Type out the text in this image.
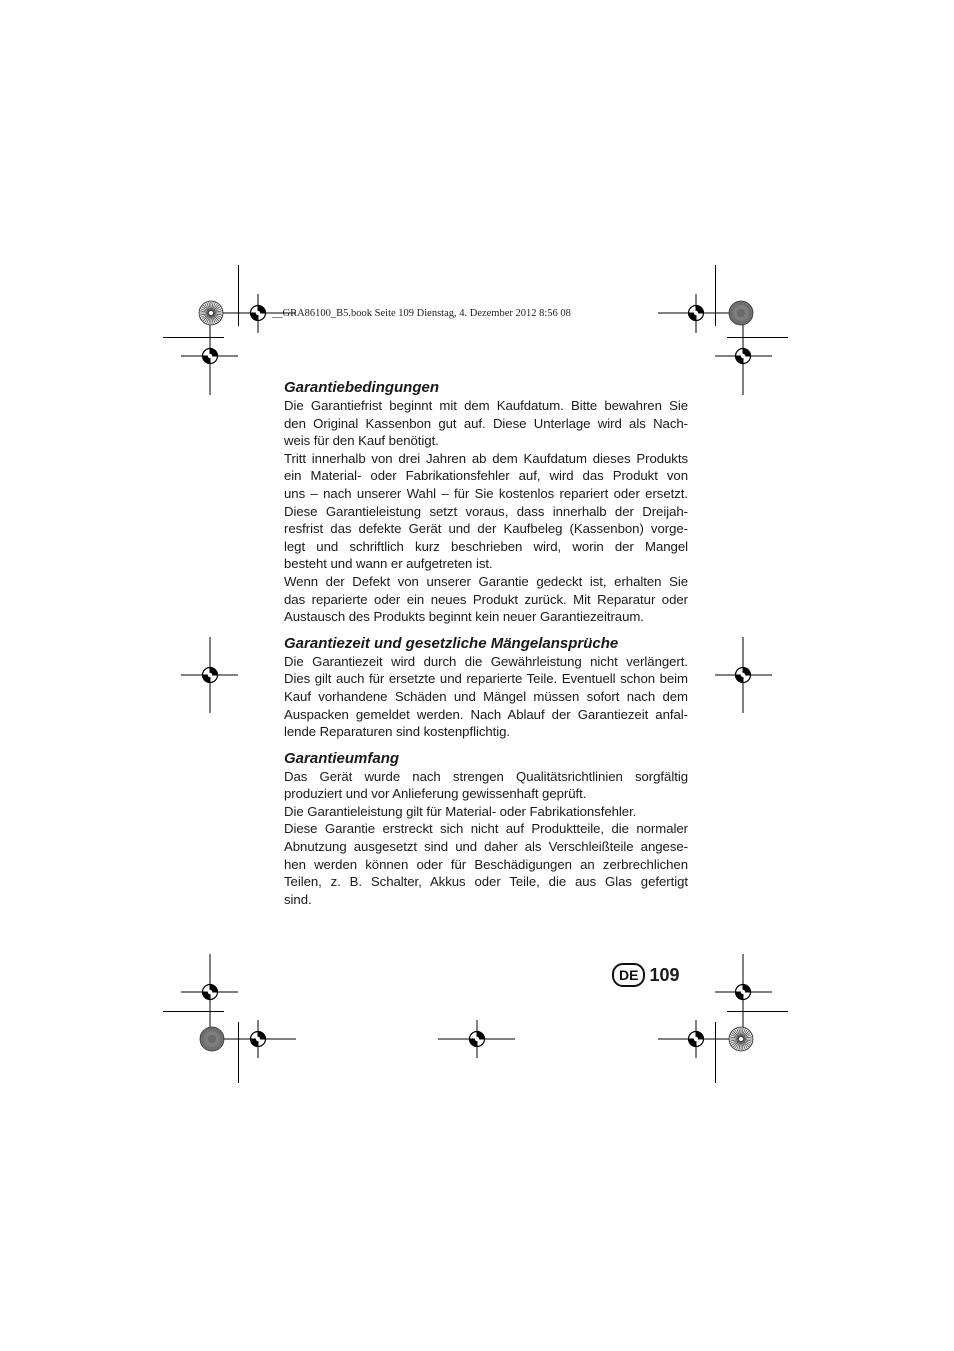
__GRA86100_B5.book Seite 109 Dienstag, 4. Dezember 2012 8:56 08
Garantiebedingungen

Die Garantiefrist beginnt mit dem Kaufdatum. Bitte bewahren Sie

den Original Kassenbon gut auf. Diese Unterlage wird als Nach-

weis für den Kauf benötigt.

Tritt innerhalb von drei Jahren ab dem Kaufdatum dieses Produkts

ein Material- oder Fabrikationsfehler auf, wird das Produkt von

uns – nach unserer Wahl – für Sie kostenlos repariert oder ersetzt.

Diese Garantieleistung setzt voraus, dass innerhalb der Dreijah-

resfrist das defekte Gerät und der Kaufbeleg (Kassenbon) vorge-

legt und schriftlich kurz beschrieben wird, worin der Mangel

besteht und wann er aufgetreten ist.

Wenn der Defekt von unserer Garantie gedeckt ist, erhalten Sie

das reparierte oder ein neues Produkt zurück. Mit Reparatur oder

Austausch des Produkts beginnt kein neuer Garantiezeitraum.

Garantiezeit und gesetzliche Mängelansprüche

Die Garantiezeit wird durch die Gewährleistung nicht verlängert.

Dies gilt auch für ersetzte und reparierte Teile. Eventuell schon beim

Kauf vorhandene Schäden und Mängel müssen sofort nach dem

Auspacken gemeldet werden. Nach Ablauf der Garantiezeit anfal-

lende Reparaturen sind kostenpflichtig.

Garantieumfang

Das Gerät wurde nach strengen Qualitätsrichtlinien sorgfältig

produziert und vor Anlieferung gewissenhaft geprüft.

Die Garantieleistung gilt für Material- oder Fabrikationsfehler.

Diese Garantie erstreckt sich nicht auf Produktteile, die normaler

Abnutzung ausgesetzt sind und daher als Verschleißteile angese-

hen werden können oder für Beschädigungen an zerbrechlichen

Teilen, z. B. Schalter, Akkus oder Teile, die aus Glas gefertigt

sind.

DE 109
